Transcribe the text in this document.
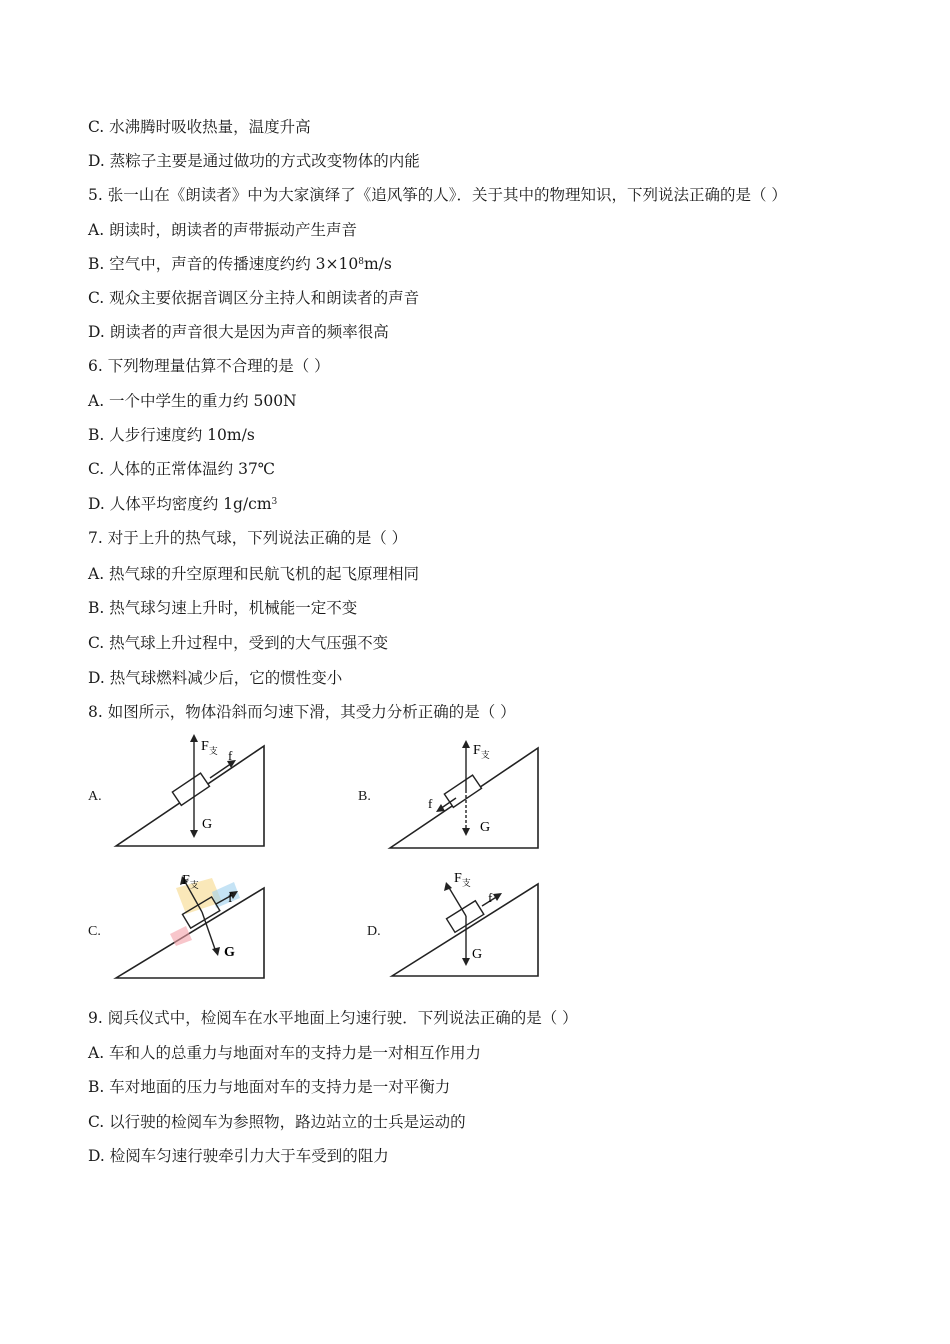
C. 水沸腾时吸收热量，温度升高
D. 蒸粽子主要是通过做功的方式改变物体的内能
5. 张一山在《朗读者》中为大家演绎了《追风筝的人》．关于其中的物理知识，下列说法正确的是（ ）
A. 朗读时，朗读者的声带振动产生声音
B. 空气中，声音的传播速度约约 $3\times 10^8m/s$
C. 观众主要依据音调区分主持人和朗读者的声音
D. 朗读者的声音很大是因为声音的频率很高
6. 下列物理量估算不合理的是（ ）
A. 一个中学生的重力约 500N
B. 人步行速度约 10m/s
C. 人体的正常体温约 37℃
D. 人体平均密度约 $1g/cm^3$
7. 对于上升的热气球，下列说法正确的是（ ）
A. 热气球的升空原理和民航飞机的起飞原理相同
B. 热气球匀速上升时，机械能一定不变
C. 热气球上升过程中，受到的大气压强不变
D. 热气球燃料减少后，它的惯性变小
8. 如图所示，物体沿斜而匀速下滑，其受力分析正确的是（ ）
A.	B.
C.	D.
$F_支$ f
G
$F_支$
f
G
$F_支$
f
G
$F_支$
f
G
9. 阅兵仪式中，检阅车在水平地面上匀速行驶．下列说法正确的是（ ）
A. 车和人的总重力与地面对车的支持力是一对相互作用力
B. 车对地面的压力与地面对车的支持力是一对平衡力
C. 以行驶的检阅车为参照物，路边站立的士兵是运动的
D. 检阅车匀速行驶牵引力大于车受到的阻力
